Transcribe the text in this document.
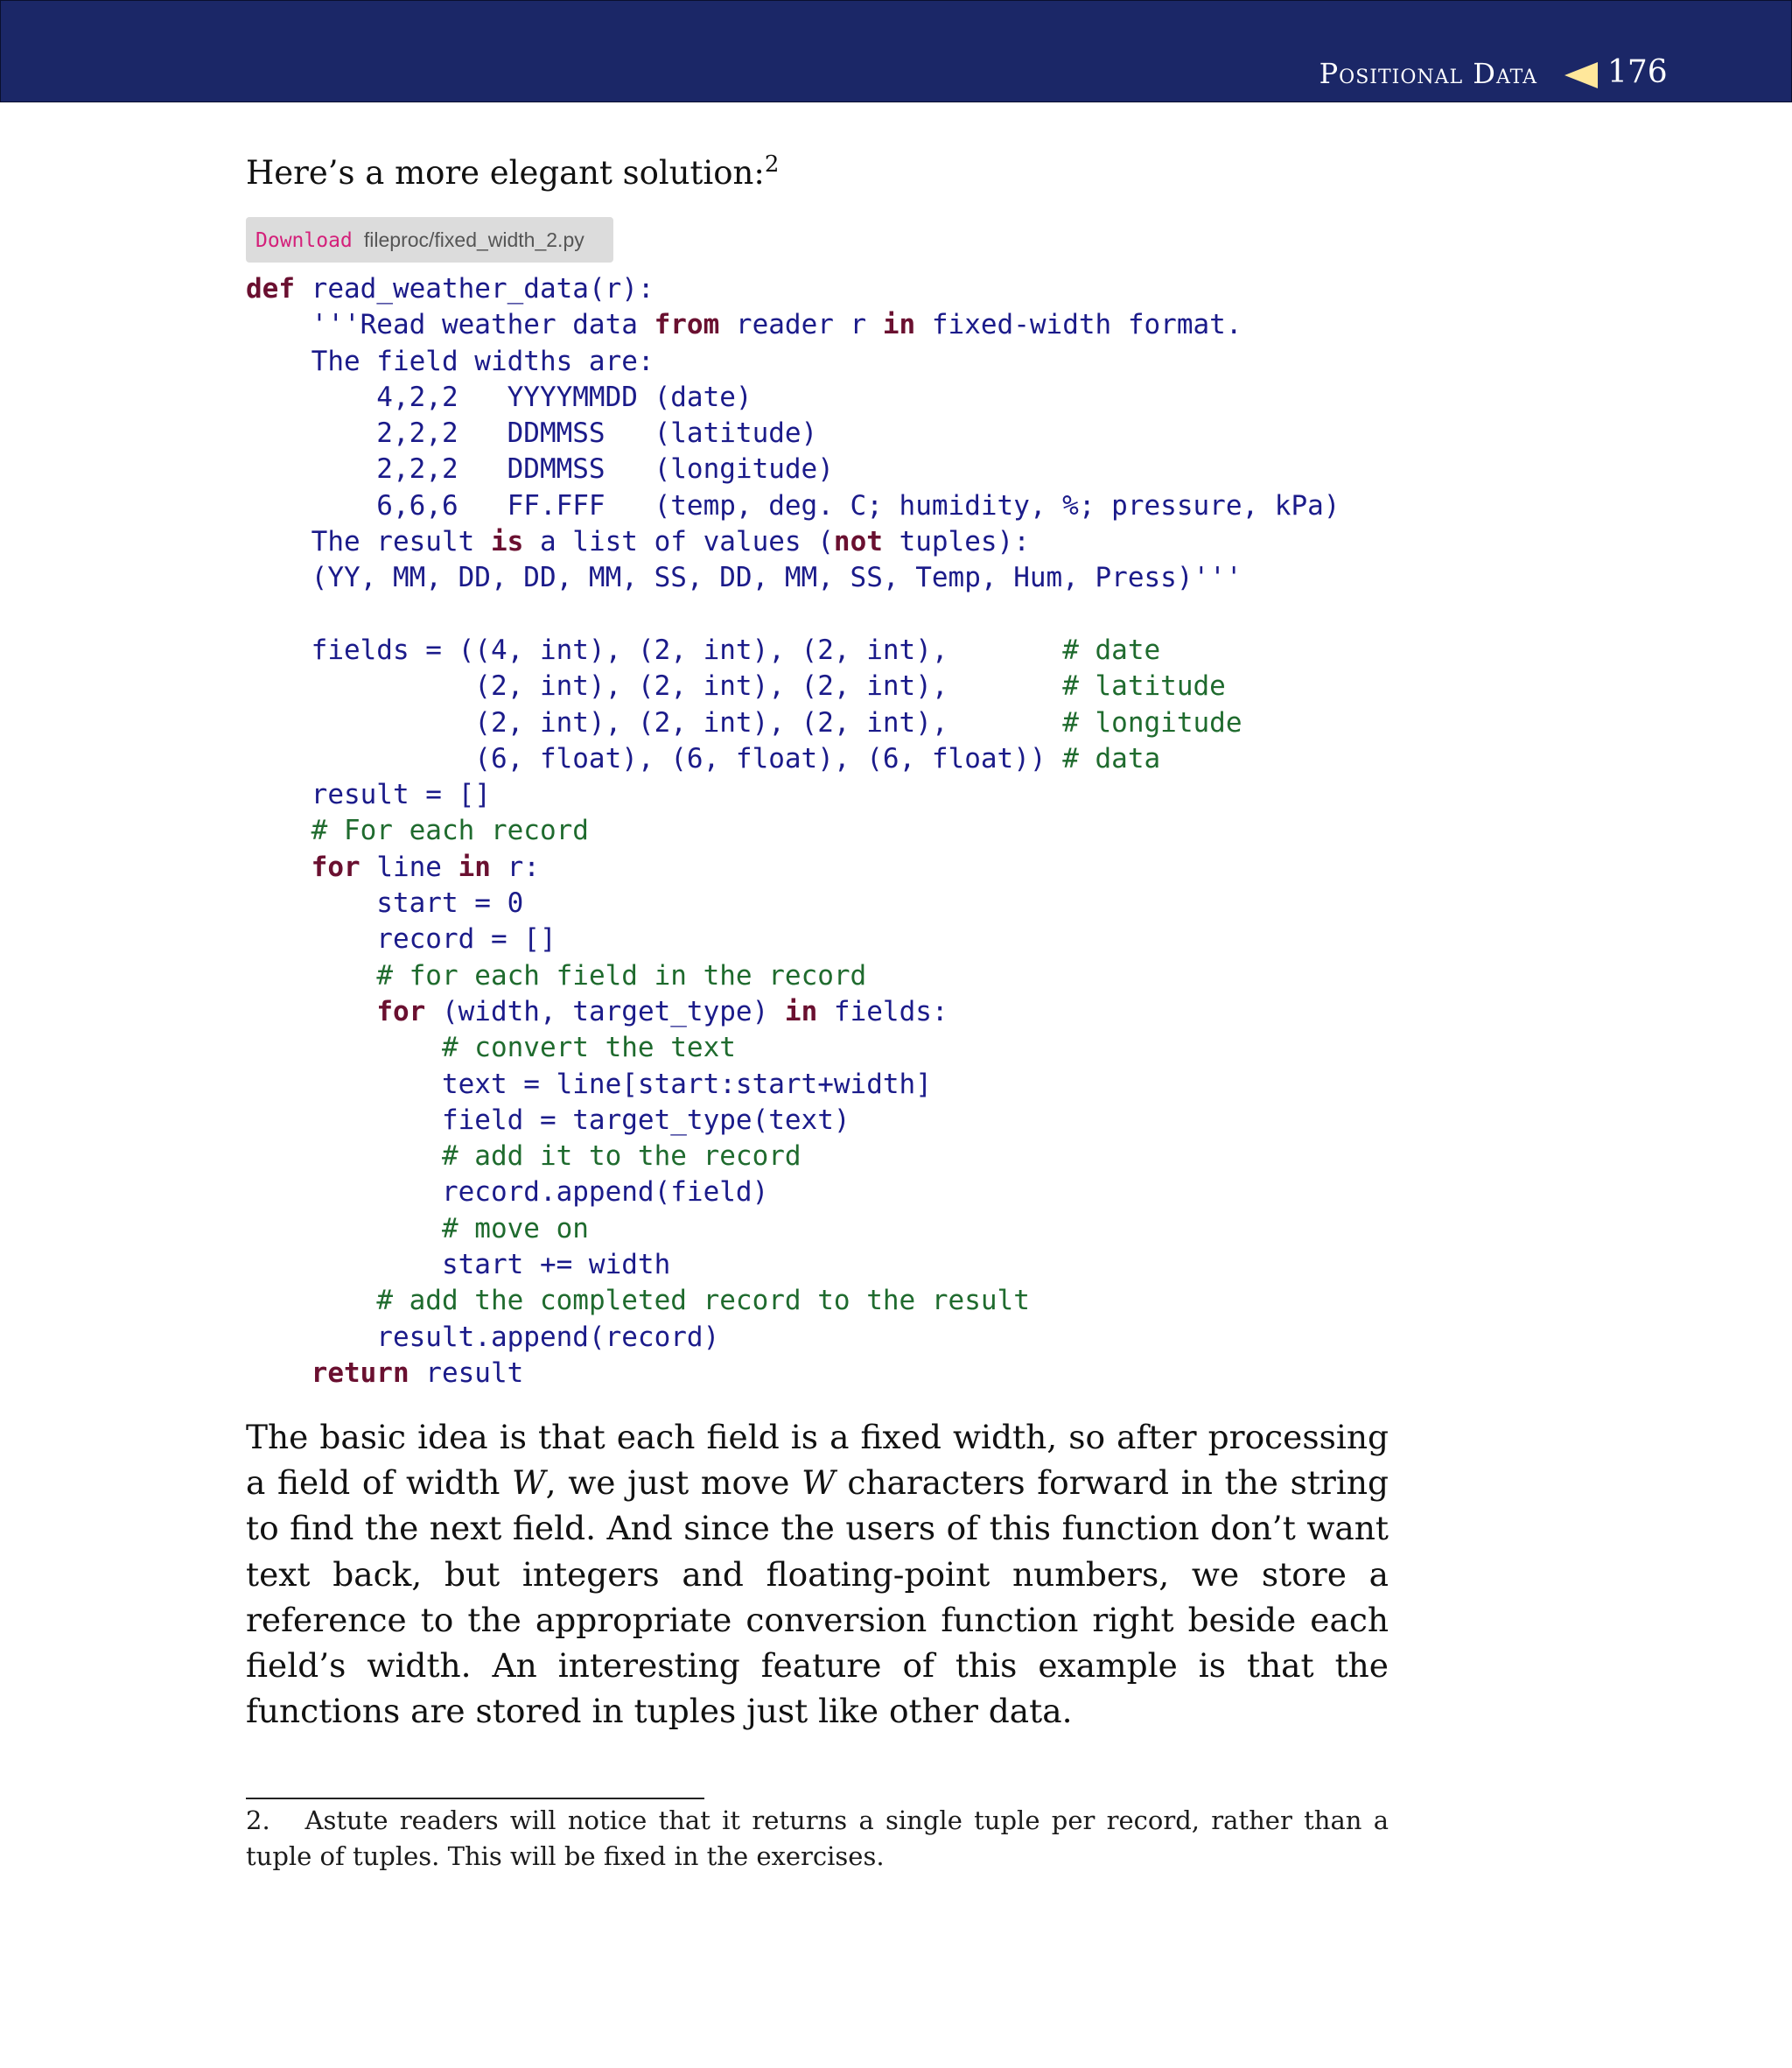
Positional Data 176
Here’s a more elegant solution:$^2$
Download fileproc/fixed_width_2.py
def read_weather_data(r):
'''Read weather data from reader r in fixed-width format.
The field widths are:
4,2,2   YYYYMMDD (date)
2,2,2   DDMMSS   (latitude)
2,2,2   DDMMSS   (longitude)
6,6,6   FF.FFF   (temp, deg. C; humidity, %; pressure, kPa)
The result is a list of values (not tuples):
(YY, MM, DD, DD, MM, SS, DD, MM, SS, Temp, Hum, Press)'''
fields = ((4, int), (2, int), (2, int),       # date
(2, int), (2, int), (2, int),       # latitude
(2, int), (2, int), (2, int),       # longitude
(6, float), (6, float), (6, float)) # data
result = []
# For each record
for line in r:
start = 0
record = []
# for each field in the record
for (width, target_type) in fields:
# convert the text
text = line[start:start+width]
field = target_type(text)
# add it to the record
record.append(field)
# move on
start += width
# add the completed record to the result
result.append(record)
return result

The basic idea is that each field is a fixed width, so after processing a field of width W, we just move W characters forward in the string to find the next field. And since the users of this function don’t want text back, but integers and floating-point numbers, we store a reference to the appropriate conversion function right beside each field’s width. An interesting feature of this example is that the functions are stored in tuples just like other data.

2. Astute readers will notice that it returns a single tuple per record, rather than a tuple of tuples. This will be fixed in the exercises.
